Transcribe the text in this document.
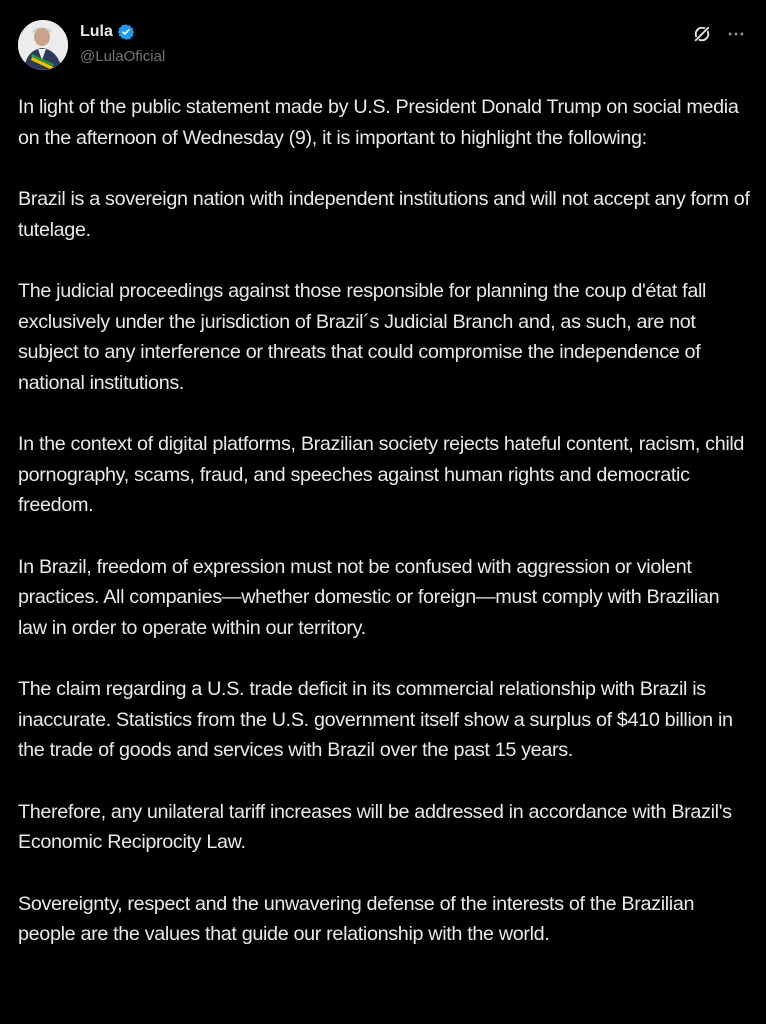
Lula
@LulaOficial

In light of the public statement made by U.S. President Donald Trump on social media on the afternoon of Wednesday (9), it is important to highlight the following:

Brazil is a sovereign nation with independent institutions and will not accept any form of tutelage.

The judicial proceedings against those responsible for planning the coup d'état fall exclusively under the jurisdiction of Brazil´s Judicial Branch and, as such, are not subject to any interference or threats that could compromise the independence of national institutions.

In the context of digital platforms, Brazilian society rejects hateful content, racism, child pornography, scams, fraud, and speeches against human rights and democratic freedom.

In Brazil, freedom of expression must not be confused with aggression or violent practices. All companies—whether domestic or foreign—must comply with Brazilian law in order to operate within our territory.

The claim regarding a U.S. trade deficit in its commercial relationship with Brazil is inaccurate. Statistics from the U.S. government itself show a surplus of $410 billion in the trade of goods and services with Brazil over the past 15 years.

Therefore, any unilateral tariff increases will be addressed in accordance with Brazil's Economic Reciprocity Law.

Sovereignty, respect and the unwavering defense of the interests of the Brazilian people are the values that guide our relationship with the world.
